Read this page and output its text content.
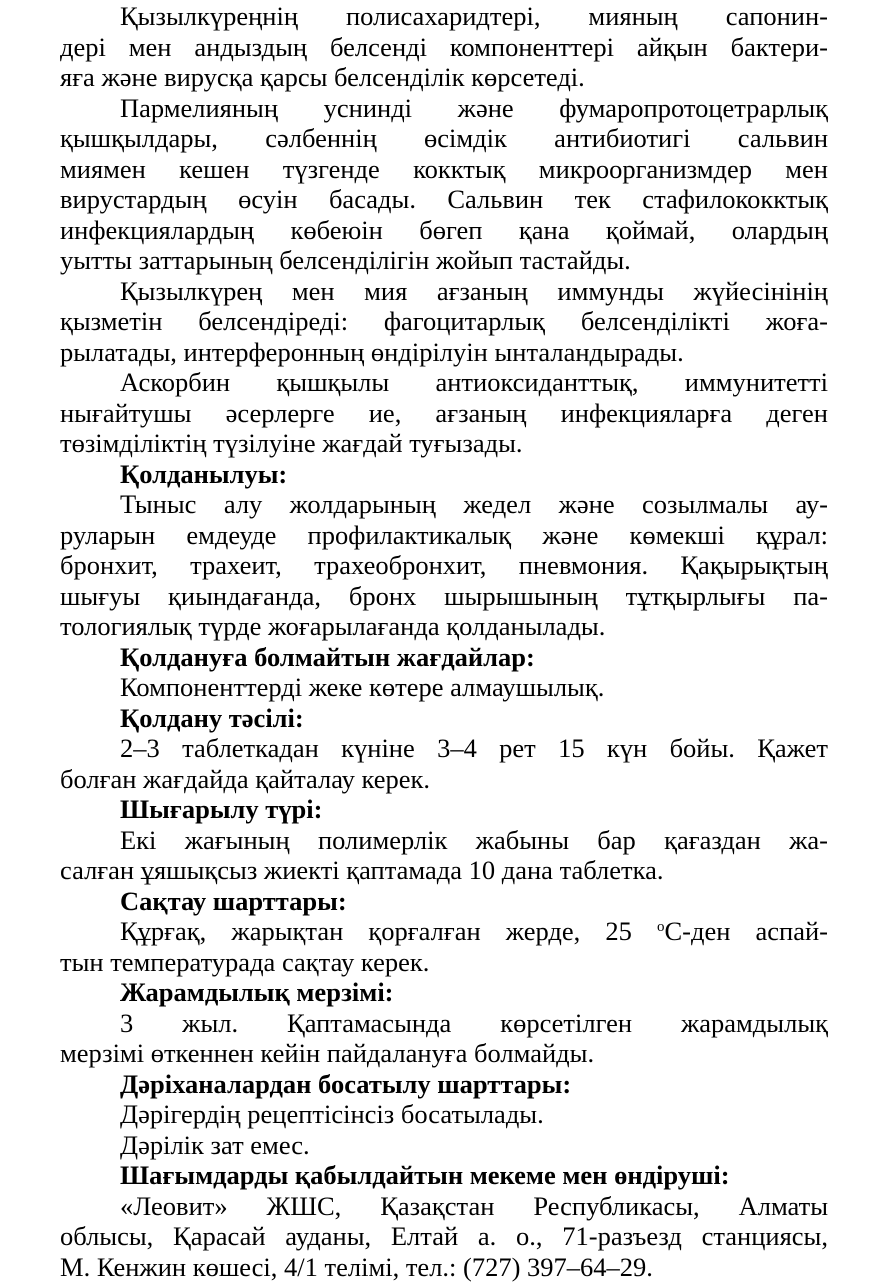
Қызылкүреңнің полисахаридтері, мияның сапонин-
дері мен андыздың белсенді компоненттері айқын бактери-
яға және вирусқа қарсы белсенділік көрсетеді.
Пармелияның уснинді және фумаропротоцетрарлық
қышқылдары, сәлбеннің өсімдік антибиотигі сальвин
миямен кешен түзгенде кокктық микроорганизмдер мен
вирустардың өсуін басады. Сальвин тек стафилококктық
инфекциялардың көбеюін бөгеп қана қоймай, олардың
уытты заттарының белсенділігін жойып тастайды.
Қызылкүрең мен мия ағзаның иммунды жүйесінінің
қызметін белсендіреді: фагоцитарлық белсенділікті жоға-
рылатады, интерферонның өндірілуін ынталандырады.
Аскорбин қышқылы антиоксиданттық, иммунитетті
нығайтушы әсерлерге ие, ағзаның инфекцияларға деген
төзімділіктің түзілуіне жағдай туғызады.
Қолданылуы:
Тыныс алу жолдарының жедел және созылмалы ау-
руларын емдеуде профилактикалық және көмекші құрал:
бронхит, трахеит, трахеобронхит, пневмония. Қақырықтың
шығуы қиындағанда, бронх шырышының тұтқырлығы па-
тологиялық түрде жоғарылағанда қолданылады.
Қолдануға болмайтын жағдайлар:
Компоненттерді жеке көтере алмаушылық.
Қолдану тәсілі:
2–3 таблеткадан күніне 3–4 рет 15 күн бойы. Қажет
болған жағдайда қайталау керек.
Шығарылу түрі:
Екі жағының полимерлік жабыны бар қағаздан жа-
салған ұяшықсыз жиекті қаптамада 10 дана таблетка.
Сақтау шарттары:
Құрғақ, жарықтан қорғалған жерде, 25 $^о$С-ден аспай-
тын температурада сақтау керек.
Жарамдылық мерзімі:
3 жыл. Қаптамасында көрсетілген жарамдылық
мерзімі өткеннен кейін пайдалануға болмайды.
Дәріханалардан босатылу шарттары:
Дәрігердің рецептісінсіз босатылады.
Дәрілік зат емес.
Шағымдарды қабылдайтын мекеме мен өндіруші:
«Леовит» ЖШС, Қазақстан Республикасы, Алматы
облысы, Қарасай ауданы, Елтай а. о., 71-разъезд станциясы,
М. Кенжин көшесі, 4/1 телімі, тел.: (727) 397–64–29.
